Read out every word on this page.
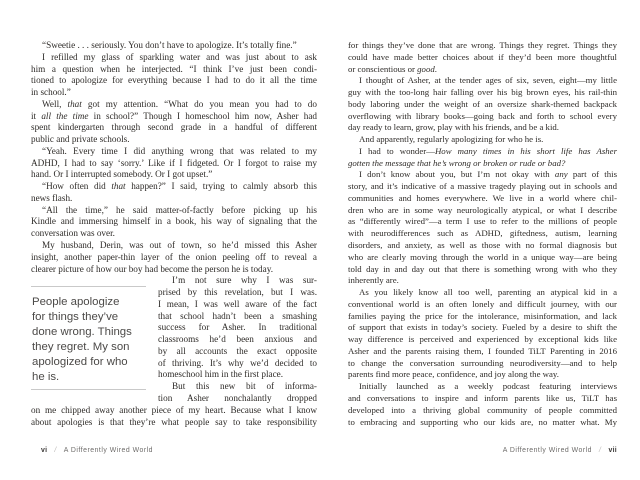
“Sweetie . . . seriously. You don’t have to apologize. It’s totally fine.”
I refilled my glass of sparkling water and was just about to ask
him a question when he interjected. “I think I’ve just been condi-
tioned to apologize for everything because I had to do it all the time
in school.”
Well, that got my attention. “What do you mean you had to do
it all the time in school?” Though I homeschool him now, Asher had
spent kindergarten through second grade in a handful of different
public and private schools.
“Yeah. Every time I did anything wrong that was related to my
ADHD, I had to say ‘sorry.’ Like if I fidgeted. Or I forgot to raise my
hand. Or I interrupted somebody. Or I got upset.”
“How often did that happen?” I said, trying to calmly absorb this
news flash.
“All the time,” he said matter-of-factly before picking up his
Kindle and immersing himself in a book, his way of signaling that the
conversation was over.
My husband, Derin, was out of town, so he’d missed this Asher
insight, another paper-thin layer of the onion peeling off to reveal a
clearer picture of how our boy had become the person he is today.
People apologize
for things they’ve
done wrong. Things
they regret. My son
apologized for who
he is.
I’m not sure why I was sur-
prised by this revelation, but I was.
I mean, I was well aware of the fact
that school hadn’t been a smashing
success for Asher. In traditional
classrooms he’d been anxious and
by all accounts the exact opposite
of thriving. It’s why we’d decided to
homeschool him in the first place.
But this new bit of informa-
tion Asher nonchalantly dropped
on me chipped away another piece of my heart. Because what I know
about apologies is that they’re what people say to take responsibility
for things they’ve done that are wrong. Things they regret. Things they
could have made better choices about if they’d been more thoughtful
or conscientious or good.
I thought of Asher, at the tender ages of six, seven, eight—my little
guy with the too-long hair falling over his big brown eyes, his rail-thin
body laboring under the weight of an oversize shark-themed backpack
overflowing with library books—going back and forth to school every
day ready to learn, grow, play with his friends, and be a kid.
And apparently, regularly apologizing for who he is.
I had to wonder—How many times in his short life has Asher
gotten the message that he’s wrong or broken or rude or bad?
I don’t know about you, but I’m not okay with any part of this
story, and it’s indicative of a massive tragedy playing out in schools and
communities and homes everywhere. We live in a world where chil-
dren who are in some way neurologically atypical, or what I describe
as “differently wired”—a term I use to refer to the millions of people
with neurodifferences such as ADHD, giftedness, autism, learning
disorders, and anxiety, as well as those with no formal diagnosis but
who are clearly moving through the world in a unique way—are being
told day in and day out that there is something wrong with who they
inherently are.
As you likely know all too well, parenting an atypical kid in a
conventional world is an often lonely and difficult journey, with our
families paying the price for the intolerance, misinformation, and lack
of support that exists in today’s society. Fueled by a desire to shift the
way difference is perceived and experienced by exceptional kids like
Asher and the parents raising them, I founded TiLT Parenting in 2016
to change the conversation surrounding neurodiversity—and to help
parents find more peace, confidence, and joy along the way.
Initially launched as a weekly podcast featuring interviews
and conversations to inspire and inform parents like us, TiLT has
developed into a thriving global community of people committed
to embracing and supporting who our kids are, no matter what. My
vi / A Differently Wired World	A Differently Wired World / vii
